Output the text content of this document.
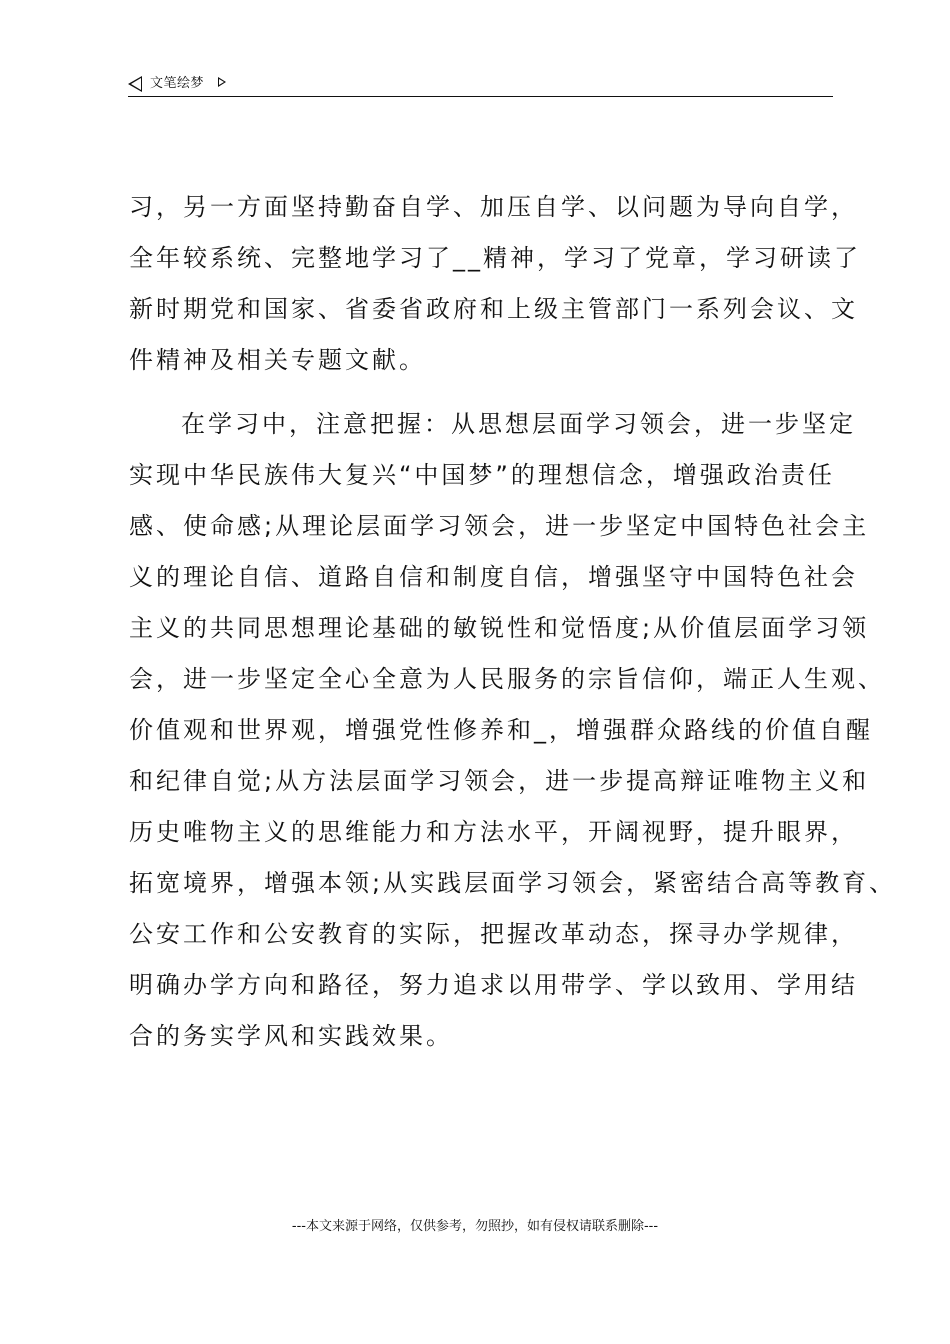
文笔绘梦
习，另一方面坚持勤奋自学、加压自学、以问题为导向自学，
全年较系统、完整地学习了__精神，学习了党章，学习研读了
新时期党和国家、省委省政府和上级主管部门一系列会议、文
件精神及相关专题文献。
在学习中，注意把握：从思想层面学习领会，进一步坚定
实现中华民族伟大复兴“中国梦”的理想信念，增强政治责任
感、使命感;从理论层面学习领会，进一步坚定中国特色社会主
义的理论自信、道路自信和制度自信，增强坚守中国特色社会
主义的共同思想理论基础的敏锐性和觉悟度;从价值层面学习领
会，进一步坚定全心全意为人民服务的宗旨信仰，端正人生观、
价值观和世界观，增强党性修养和_，增强群众路线的价值自醒
和纪律自觉;从方法层面学习领会，进一步提高辩证唯物主义和
历史唯物主义的思维能力和方法水平，开阔视野，提升眼界，
拓宽境界，增强本领;从实践层面学习领会，紧密结合高等教育、
公安工作和公安教育的实际，把握改革动态，探寻办学规律，
明确办学方向和路径，努力追求以用带学、学以致用、学用结
合的务实学风和实践效果。
---本文来源于网络，仅供参考，勿照抄，如有侵权请联系删除---
